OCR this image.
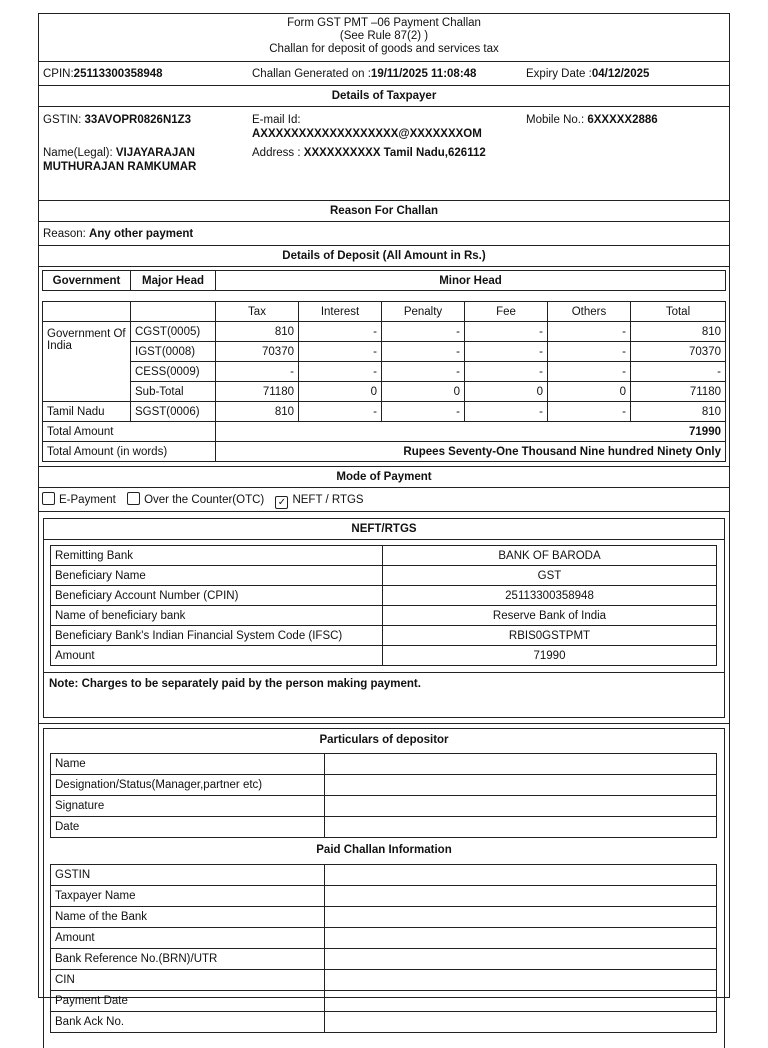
Form GST PMT –06 Payment Challan
(See Rule 87(2) )
Challan for deposit of goods and services tax
CPIN:25113300358948	Challan Generated on :19/11/2025 11:08:48	Expiry Date :04/12/2025
Details of Taxpayer
GSTIN: 33AVOPR0826N1Z3	E-mail Id:
AXXXXXXXXXXXXXXXXXX@XXXXXXXOM
Mobile No.: 6XXXXX2886
Name(Legal): VIJAYARAJAN
MUTHURAJAN RAMKUMAR
Address : XXXXXXXXXX Tamil Nadu,626112
Reason For Challan
Reason: Any other payment
Details of Deposit (All Amount in Rs.)
Government	Major Head	Minor Head
		Tax	Interest	Penalty	Fee	Others	Total
Government Of India	CGST(0005)	810	-	-	-	-	810
	IGST(0008)	70370	-	-	-	-	70370
	CESS(0009)	-	-	-	-	-	-
	Sub-Total	71180	0	0	0	0	71180
Tamil Nadu	SGST(0006)	810	-	-	-	-	810
Total Amount		71990					
Total Amount (in words)		Rupees Seventy-One Thousand Nine hundred Ninety Only					
Mode of Payment
E-Payment Over the Counter(OTC) ✓ NEFT / RTGS
NEFT/RTGS
Remitting Bank	BANK OF BARODA
Beneficiary Name	GST
Beneficiary Account Number (CPIN)	25113300358948
Name of beneficiary bank	Reserve Bank of India
Beneficiary Bank's Indian Financial System Code (IFSC)	RBIS0GSTPMT
Amount	71990
Note: Charges to be separately paid by the person making payment.
Particulars of depositor
Name	
Designation/Status(Manager,partner etc)	
Signature	
Date	
Paid Challan Information
GSTIN	
Taxpayer Name	
Name of the Bank	
Amount	
Bank Reference No.(BRN)/UTR	
CIN	
Payment Date	
Bank Ack No.	
